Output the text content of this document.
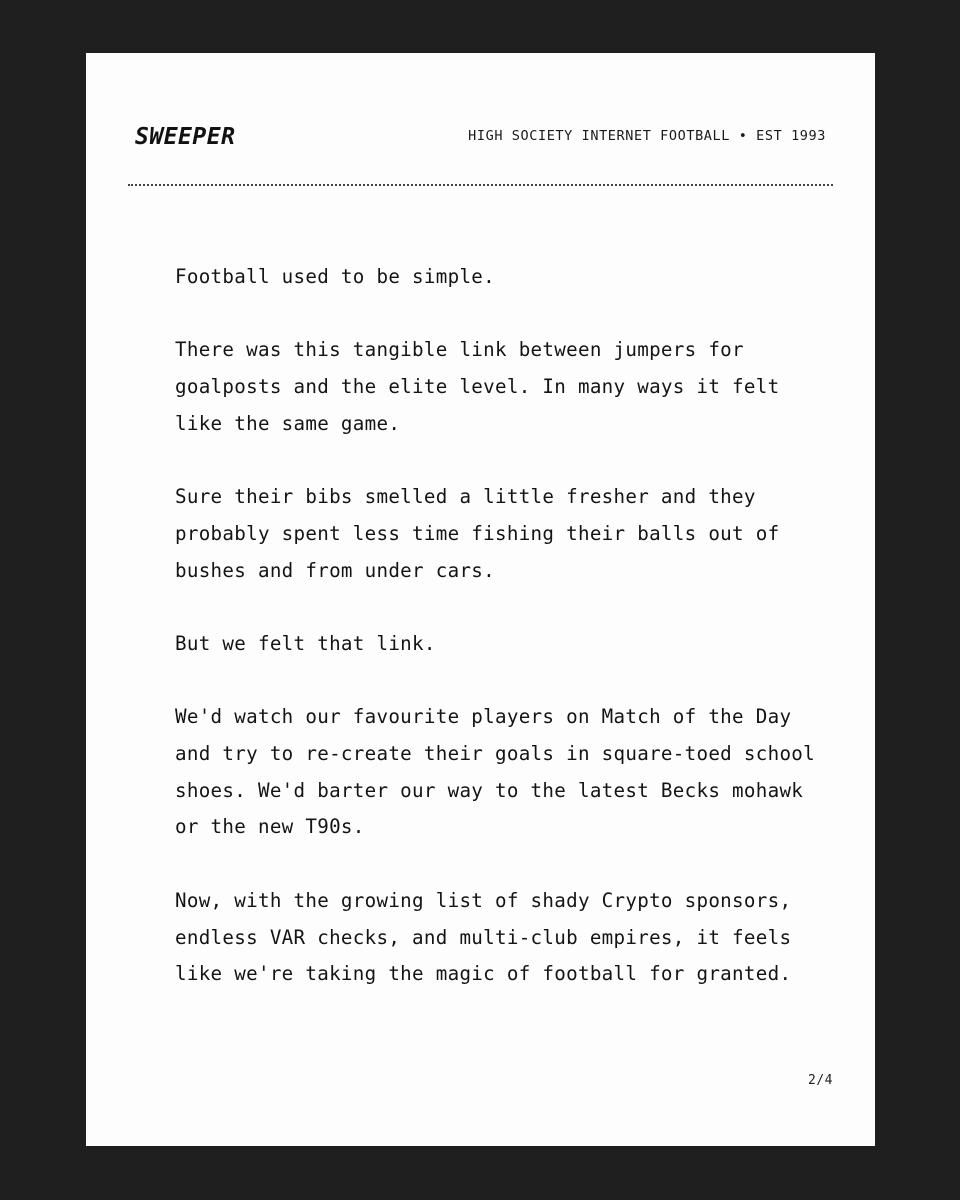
SWEEPER	HIGH SOCIETY INTERNET FOOTBALL • EST 1993

Football used to be simple.

There was this tangible link between jumpers for goalposts and the elite level. In many ways it felt like the same game.

Sure their bibs smelled a little fresher and they probably spent less time fishing their balls out of bushes and from under cars.

But we felt that link.

We'd watch our favourite players on Match of the Day and try to re-create their goals in square-toed school shoes. We'd barter our way to the latest Becks mohawk or the new T90s.

Now, with the growing list of shady Crypto sponsors, endless VAR checks, and multi-club empires, it feels like we're taking the magic of football for granted.

2/4
